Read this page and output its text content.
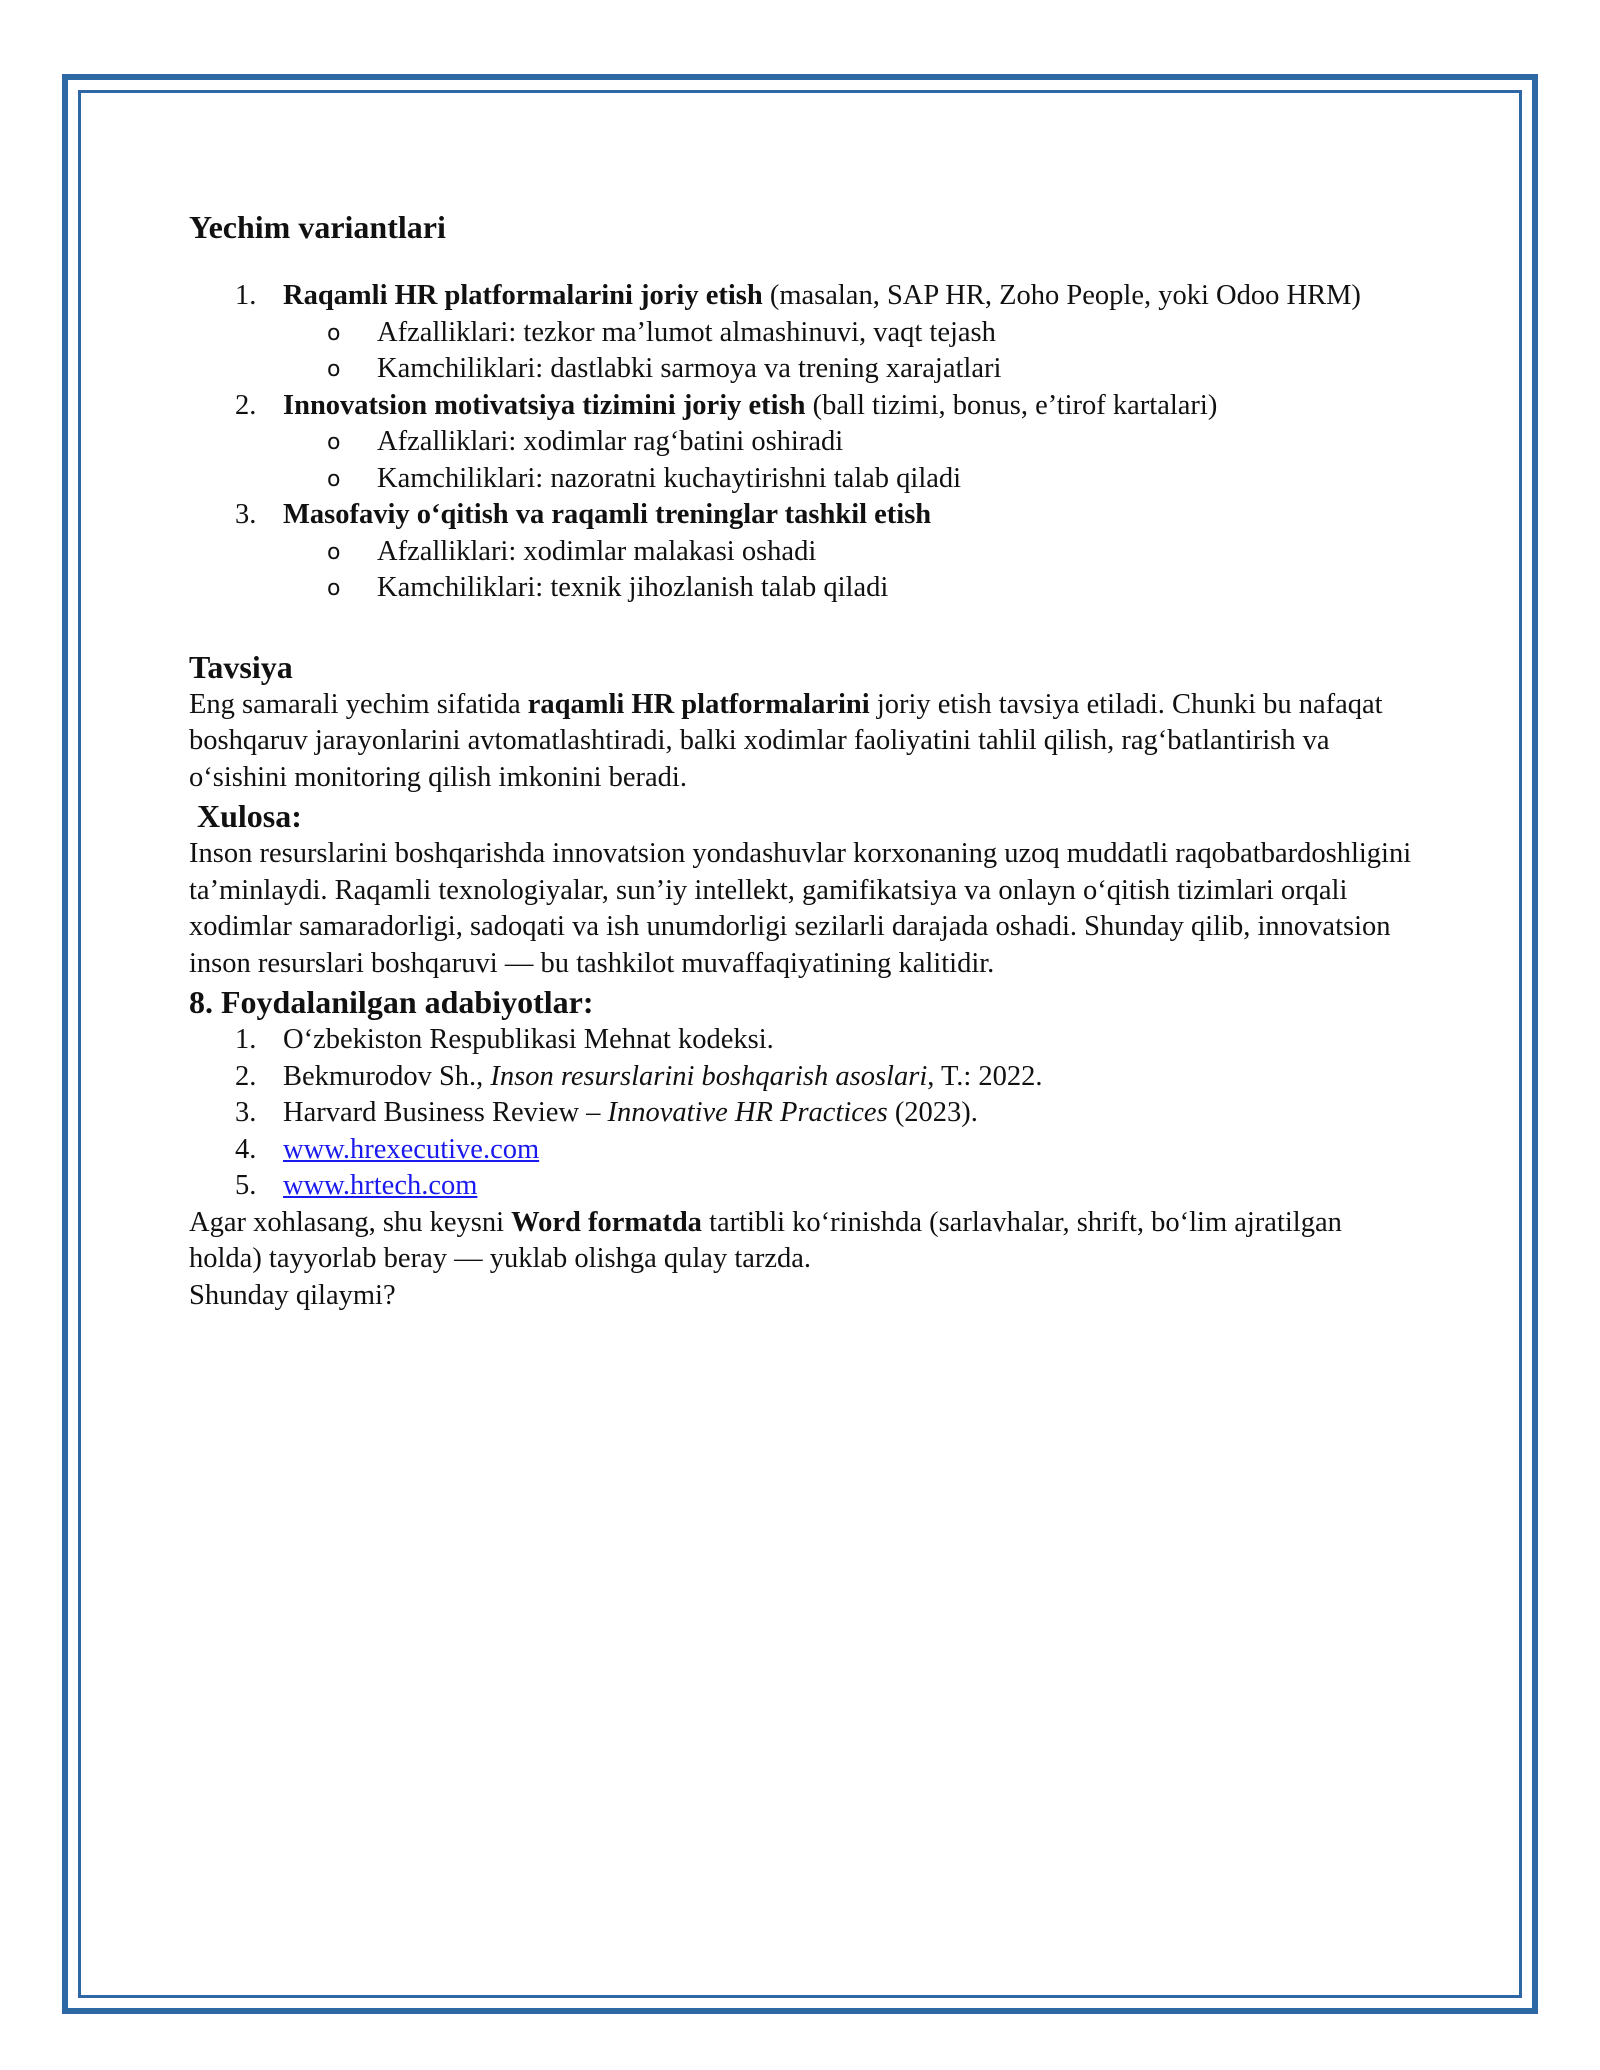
Yechim variantlari
1. Raqamli HR platformalarini joriy etish (masalan, SAP HR, Zoho People, yoki Odoo HRM)
o Afzalliklari: tezkor ma’lumot almashinuvi, vaqt tejash
o Kamchiliklari: dastlabki sarmoya va trening xarajatlari
2. Innovatsion motivatsiya tizimini joriy etish (ball tizimi, bonus, e’tirof kartalari)
o Afzalliklari: xodimlar rag‘batini oshiradi
o Kamchiliklari: nazoratni kuchaytirishni talab qiladi
3. Masofaviy o‘qitish va raqamli treninglar tashkil etish
o Afzalliklari: xodimlar malakasi oshadi
o Kamchiliklari: texnik jihozlanish talab qiladi
Tavsiya

Eng samarali yechim sifatida raqamli HR platformalarini joriy etish tavsiya etiladi. Chunki bu nafaqat boshqaruv jarayonlarini avtomatlashtiradi, balki xodimlar faoliyatini tahlil qilish, rag‘batlantirish va o‘sishini monitoring qilish imkonini beradi.

Xulosa:

Inson resurslarini boshqarishda innovatsion yondashuvlar korxonaning uzoq muddatli raqobatbardoshligini ta’minlaydi. Raqamli texnologiyalar, sun’iy intellekt, gamifikatsiya va onlayn o‘qitish tizimlari orqali xodimlar samaradorligi, sadoqati va ish unumdorligi sezilarli darajada oshadi. Shunday qilib, innovatsion inson resurslari boshqaruvi — bu tashkilot muvaffaqiyatining kalitidir.

8. Foydalanilgan adabiyotlar:
1. O‘zbekiston Respublikasi Mehnat kodeksi.
2. Bekmurodov Sh., Inson resurslarini boshqarish asoslari, T.: 2022.
3. Harvard Business Review – Innovative HR Practices (2023).
4. www.hrexecutive.com
5. www.hrtech.com

Agar xohlasang, shu keysni Word formatda tartibli ko‘rinishda (sarlavhalar, shrift, bo‘lim ajratilgan holda) tayyorlab beray — yuklab olishga qulay tarzda.

Shunday qilaymi?
